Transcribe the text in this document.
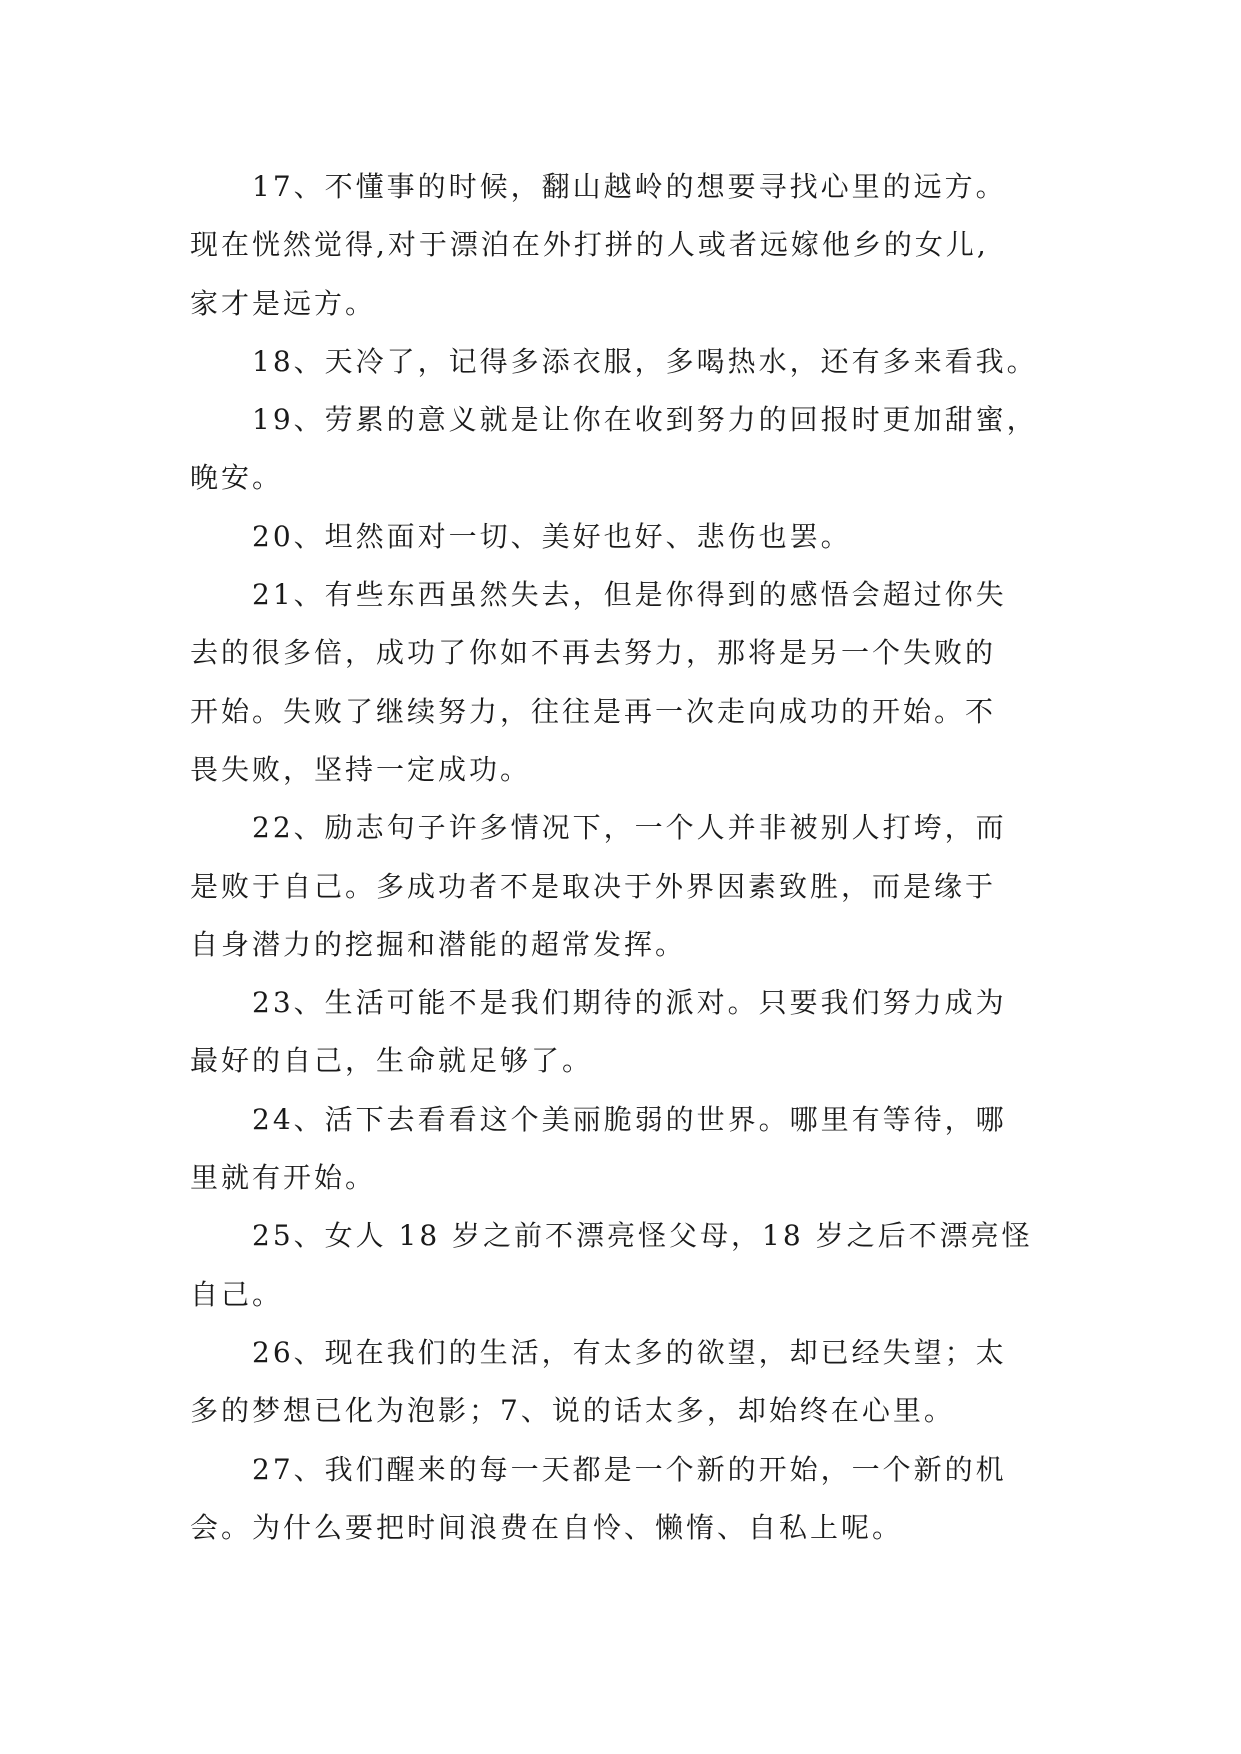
17、不懂事的时候，翻山越岭的想要寻找心里的远方。
现在恍然觉得,对于漂泊在外打拼的人或者远嫁他乡的女儿,
家才是远方。
18、天冷了，记得多添衣服，多喝热水，还有多来看我。
19、劳累的意义就是让你在收到努力的回报时更加甜蜜，
晚安。
20、坦然面对一切、美好也好、悲伤也罢。
21、有些东西虽然失去，但是你得到的感悟会超过你失
去的很多倍，成功了你如不再去努力，那将是另一个失败的
开始。失败了继续努力，往往是再一次走向成功的开始。不
畏失败，坚持一定成功。
22、励志句子许多情况下，一个人并非被别人打垮，而
是败于自己。多成功者不是取决于外界因素致胜，而是缘于
自身潜力的挖掘和潜能的超常发挥。
23、生活可能不是我们期待的派对。只要我们努力成为
最好的自己，生命就足够了。
24、活下去看看这个美丽脆弱的世界。哪里有等待，哪
里就有开始。
25、女人 18 岁之前不漂亮怪父母，18 岁之后不漂亮怪
自己。
26、现在我们的生活，有太多的欲望，却已经失望；太
多的梦想已化为泡影；7、说的话太多，却始终在心里。
27、我们醒来的每一天都是一个新的开始，一个新的机
会。为什么要把时间浪费在自怜、懒惰、自私上呢。
